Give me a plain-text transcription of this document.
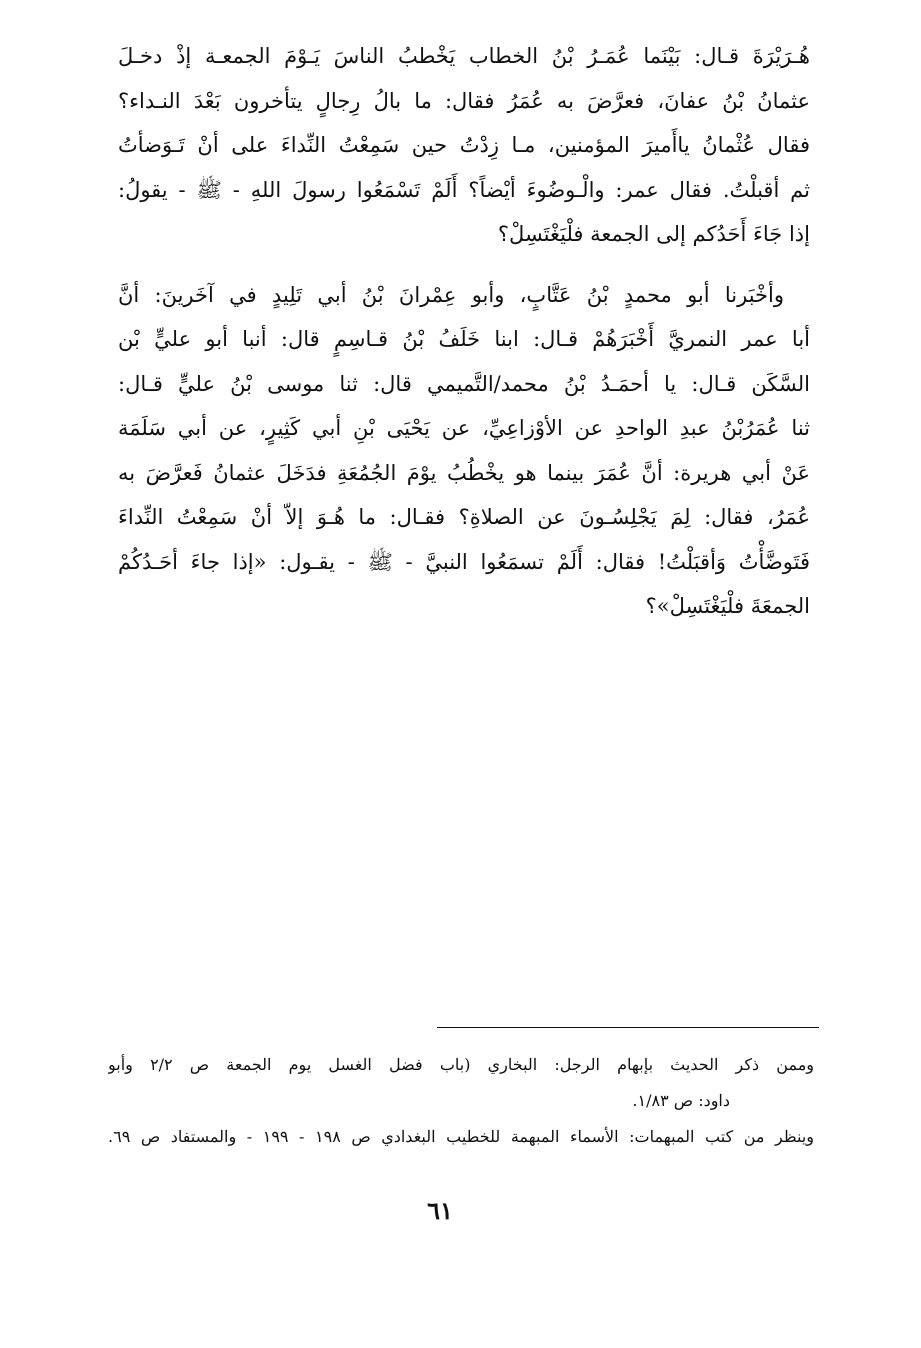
هُـرَيْرَةَ قـال: بَيْنَما عُمَـرُ بْنُ الخطاب يَخْطبُ الناسَ يَـوْمَ الجمعـة إذْ دخـلَ
عثمانُ بْنُ عفانَ، فعرَّضَ به عُمَرُ فقال: ما بالُ رِجالٍ يتأخرون بَعْدَ النـداء؟
فقال عُثْمانُ ياأَميرَ المؤمنين، مـا زِدْتُ حين سَمِعْتُ النِّداءَ على أنْ تَـوَضأتُ
ثم أقبلْتُ. فقال عمر: والْـوضُوءَ أيْضاً؟ أَلَمْ تَسْمَعُوا رسولَ اللهِ - ﷺ - يقولُ:
إذا جَاءَ أَحَدُكم إلى الجمعة فلْيَغْتَسِلْ؟
وأخْبَرنا أبو محمدٍ بْنُ عَتَّابٍ، وأبو عِمْرانَ بْنُ أبي تَلِيدٍ في آخَرينَ: أنَّ
أبا عمر النمريَّ أَخْبَرَهُمْ قـال: ابنا خَلَفُ بْنُ قـاسِمٍ قال: أنبا أبو عليٍّ بْن
السَّكَن قـال: يا أحمَـدُ بْنُ محمد/التَّميمي قال: ثنا موسى بْنُ عليٍّ قـال:
ثنا عُمَرُبْنُ عبدِ الواحدِ عن الأوْزاعِيِّ، عن يَحْيَى بْنِ أبي كَثِيرٍ، عن أبي سَلَمَة
عَنْ أبي هريرة: أنَّ عُمَرَ بينما هو يخْطُبُ يوْمَ الجُمُعَةِ فدَخَلَ عثمانُ فَعرَّضَ به
عُمَرُ، فقال: لِمَ يَجْلِسُـونَ عن الصلاةِ؟ فقـال: ما هُـوَ إلاّ أنْ سَمِعْتُ النِّداءَ
فَتَوضَّأْتُ وَأقبَلْتُ! فقال: أَلَمْ تسمَعُوا النبيَّ - ﷺ - يقـول: «إذا جاءَ أحَـدُكُمْ
الجمعَةَ فلْيَغْتَسِلْ»؟
وممن ذكر الحديث بإبهام الرجل: البخاري (باب فضل الغسل يوم الجمعة ص ٢/٢ وأبو
داود: ص ١/٨٣.
وينظر من كتب المبهمات: الأسماء المبهمة للخطيب البغدادي ص ١٩٨ - ١٩٩ - والمستفاد ص ٦٩.
٦١
